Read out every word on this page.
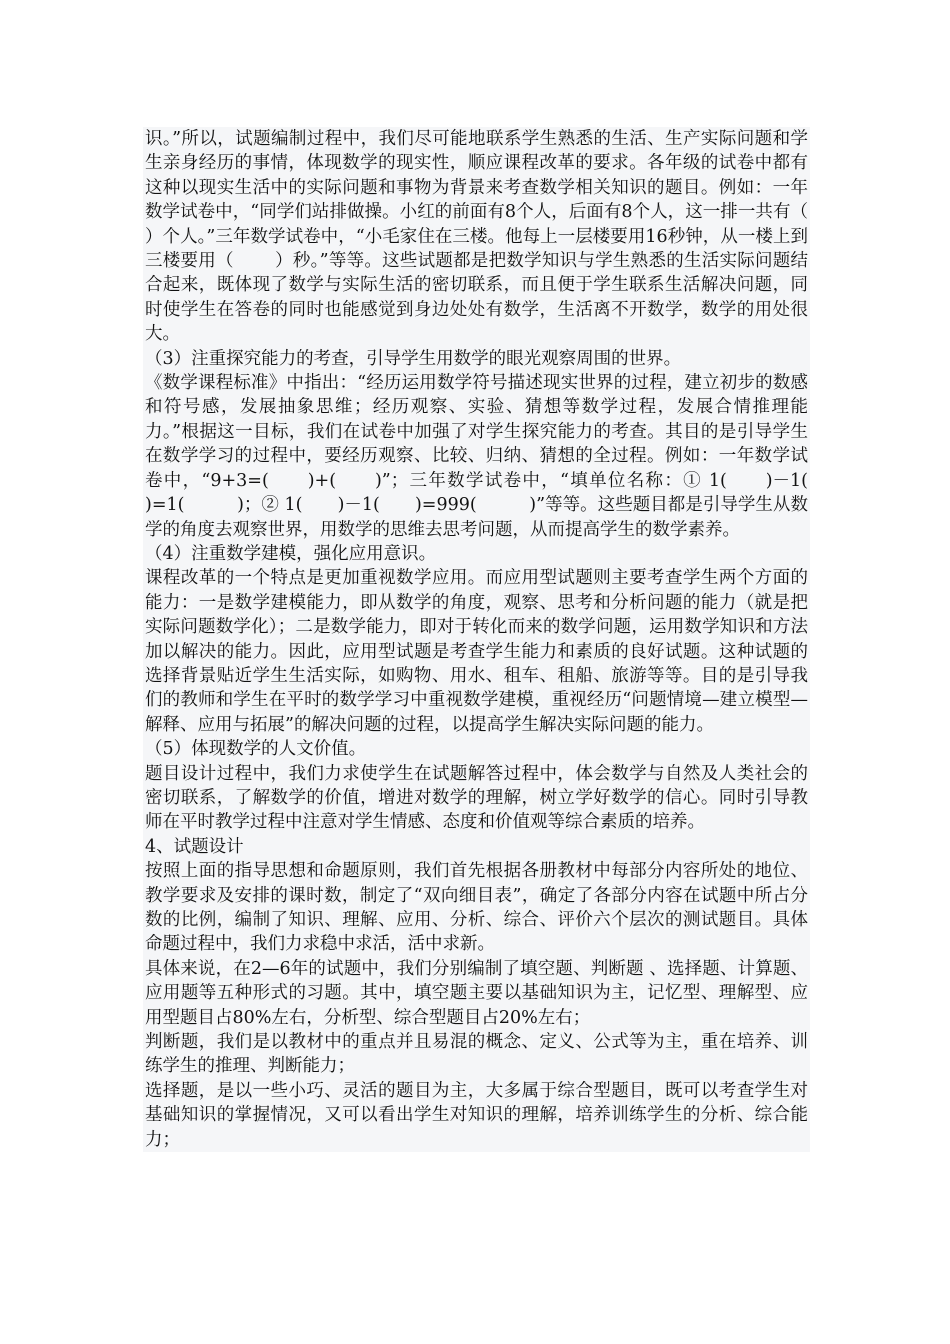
识。”所以，试题编制过程中，我们尽可能地联系学生熟悉的生活、生产实际问题和学生亲身经历的事情，体现数学的现实性，顺应课程改革的要求。各年级的试卷中都有这种以现实生活中的实际问题和事物为背景来考查数学相关知识的题目。例如：一年数学试卷中，“同学们站排做操。小红的前面有8个人，后面有8个人，这一排一共有（　 ）个人。”三年数学试卷中，“小毛家住在三楼。他每上一层楼要用16秒钟，从一楼上到三楼要用（　　 ）秒。”等等。这些试题都是把数学知识与学生熟悉的生活实际问题结合起来，既体现了数学与实际生活的密切联系，而且便于学生联系生活解决问题，同时使学生在答卷的同时也能感觉到身边处处有数学，生活离不开数学，数学的用处很大。

（3）注重探究能力的考查，引导学生用数学的眼光观察周围的世界。

《数学课程标准》中指出：“经历运用数学符号描述现实世界的过程，建立初步的数感和符号感，发展抽象思维；经历观察、实验、猜想等数学过程，发展合情推理能力。”根据这一目标，我们在试卷中加强了对学生探究能力的考查。其目的是引导学生在数学学习的过程中，要经历观察、比较、归纳、猜想的全过程。例如：一年数学试卷中，“9+3=(　　)+(　　)”；三年数学试卷中，“填单位名称：① 1(　　)－1(　　)=1(　　　)；② 1(　　)－1(　　)=999(　　　)”等等。这些题目都是引导学生从数学的角度去观察世界，用数学的思维去思考问题，从而提高学生的数学素养。

（4）注重数学建模，强化应用意识。

课程改革的一个特点是更加重视数学应用。而应用型试题则主要考查学生两个方面的能力：一是数学建模能力，即从数学的角度，观察、思考和分析问题的能力（就是把实际问题数学化）；二是数学能力，即对于转化而来的数学问题，运用数学知识和方法加以解决的能力。因此，应用型试题是考查学生能力和素质的良好试题。这种试题的选择背景贴近学生生活实际，如购物、用水、租车、租船、旅游等等。目的是引导我们的教师和学生在平时的数学学习中重视数学建模，重视经历“问题情境—建立模型—解释、应用与拓展”的解决问题的过程，以提高学生解决实际问题的能力。

（5）体现数学的人文价值。

题目设计过程中，我们力求使学生在试题解答过程中，体会数学与自然及人类社会的密切联系，了解数学的价值，增进对数学的理解，树立学好数学的信心。同时引导教师在平时教学过程中注意对学生情感、态度和价值观等综合素质的培养。

4、试题设计

按照上面的指导思想和命题原则，我们首先根据各册教材中每部分内容所处的地位、教学要求及安排的课时数，制定了“双向细目表”，确定了各部分内容在试题中所占分数的比例，编制了知识、理解、应用、分析、综合、评价六个层次的测试题目。具体命题过程中，我们力求稳中求活，活中求新。

具体来说，在2—6年的试题中，我们分别编制了填空题、判断题 、选择题、计算题、应用题等五种形式的习题。其中，填空题主要以基础知识为主，记忆型、理解型、应用型题目占80%左右，分析型、综合型题目占20%左右；

判断题，我们是以教材中的重点并且易混的概念、定义、公式等为主，重在培养、训练学生的推理、判断能力；

选择题，是以一些小巧、灵活的题目为主，大多属于综合型题目，既可以考查学生对基础知识的掌握情况，又可以看出学生对知识的理解，培养训练学生的分析、综合能力；
